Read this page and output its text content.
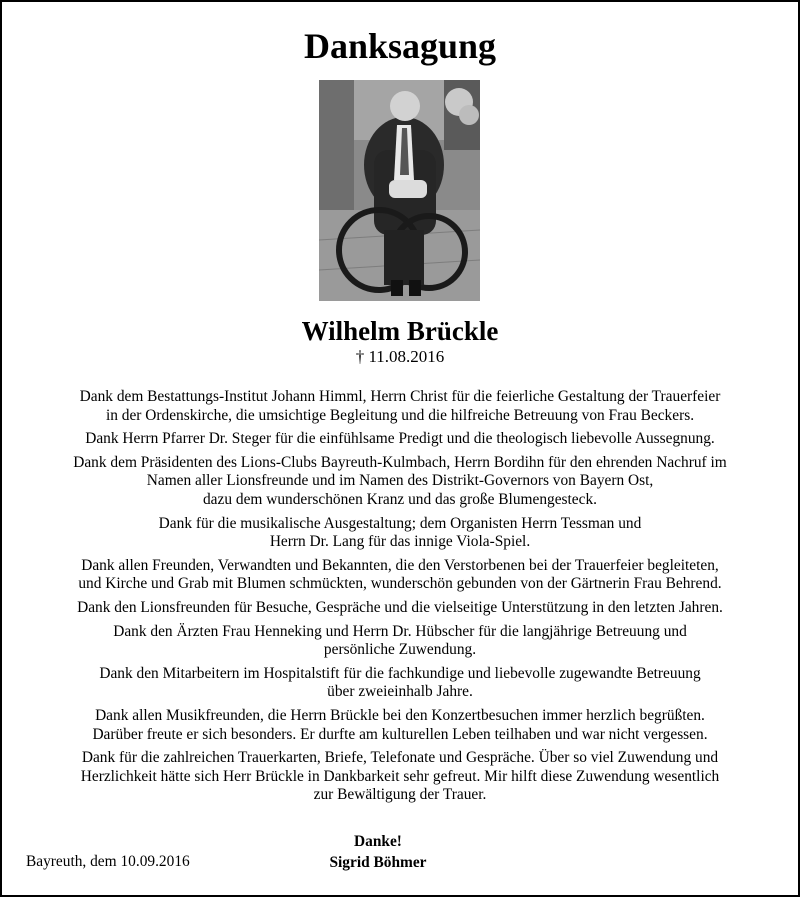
Danksagung
Wilhelm Brückle
† 11.08.2016

Dank dem Bestattungs-Institut Johann Himml, Herrn Christ für die feierliche Gestaltung der Trauerfeier
in der Ordenskirche, die umsichtige Begleitung und die hilfreiche Betreuung von Frau Beckers.

Dank Herrn Pfarrer Dr. Steger für die einfühlsame Predigt und die theologisch liebevolle Aussegnung.

Dank dem Präsidenten des Lions-Clubs Bayreuth-Kulmbach, Herrn Bordihn für den ehrenden Nachruf im
Namen aller Lionsfreunde und im Namen des Distrikt-Governors von Bayern Ost,
dazu dem wunderschönen Kranz und das große Blumengesteck.

Dank für die musikalische Ausgestaltung; dem Organisten Herrn Tessman und
Herrn Dr. Lang für das innige Viola-Spiel.

Dank allen Freunden, Verwandten und Bekannten, die den Verstorbenen bei der Trauerfeier begleiteten,
und Kirche und Grab mit Blumen schmückten, wunderschön gebunden von der Gärtnerin Frau Behrend.

Dank den Lionsfreunden für Besuche, Gespräche und die vielseitige Unterstützung in den letzten Jahren.

Dank den Ärzten Frau Henneking und Herrn Dr. Hübscher für die langjährige Betreuung und
persönliche Zuwendung.

Dank den Mitarbeitern im Hospitalstift für die fachkundige und liebevolle zugewandte Betreuung
über zweieinhalb Jahre.

Dank allen Musikfreunden, die Herrn Brückle bei den Konzertbesuchen immer herzlich begrüßten.
Darüber freute er sich besonders. Er durfte am kulturellen Leben teilhaben und war nicht vergessen.

Dank für die zahlreichen Trauerkarten, Briefe, Telefonate und Gespräche. Über so viel Zuwendung und
Herzlichkeit hätte sich Herr Brückle in Dankbarkeit sehr gefreut. Mir hilft diese Zuwendung wesentlich
zur Bewältigung der Trauer.

Bayreuth, dem 10.09.2016
Danke!
Sigrid Böhmer
